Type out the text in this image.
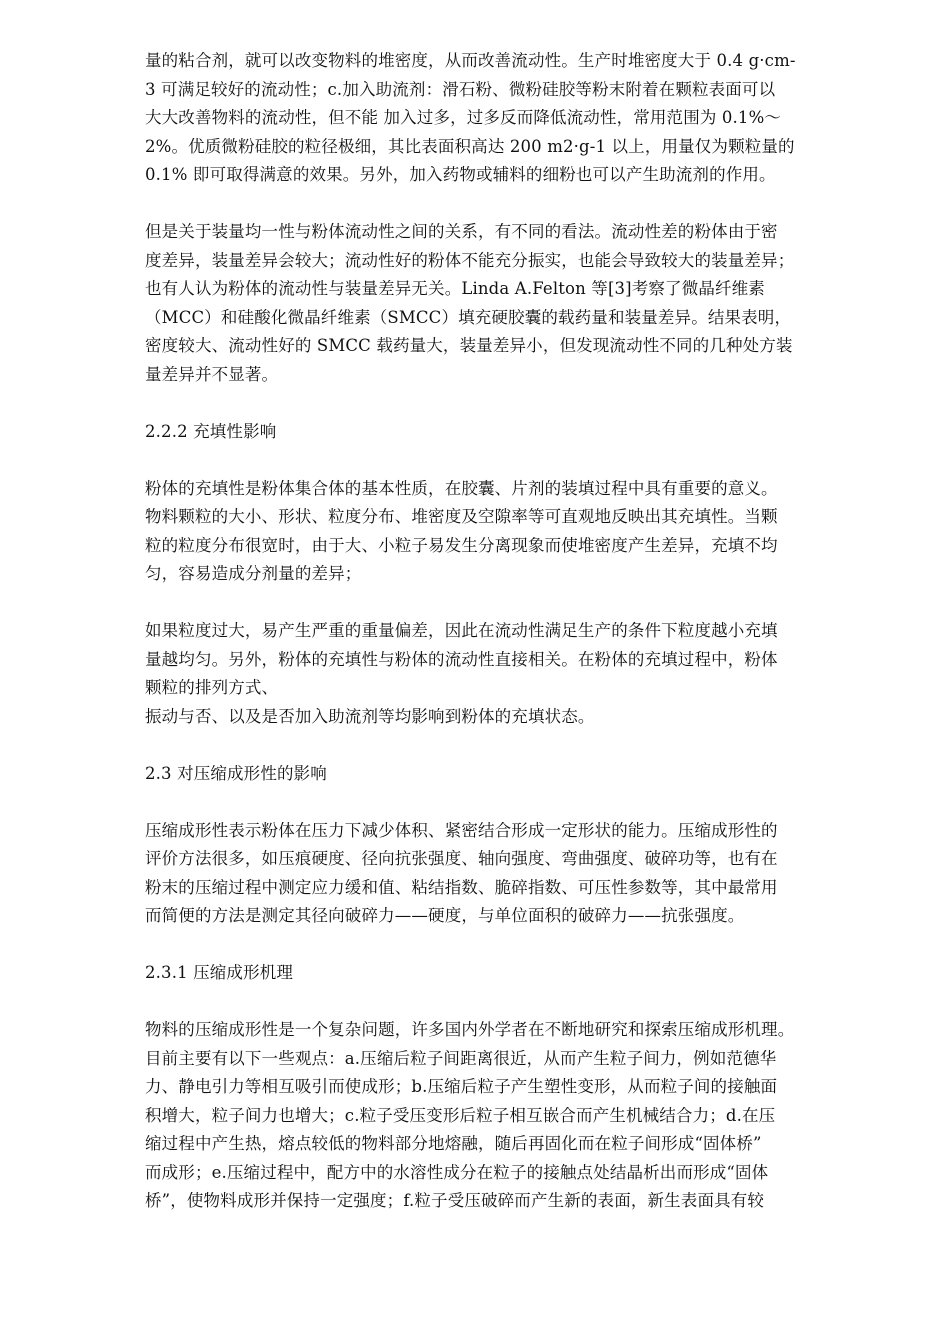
量的粘合剂，就可以改变物料的堆密度，从而改善流动性。生产时堆密度大于 0.4 g·cm-
3 可满足较好的流动性；c.加入助流剂：滑石粉、微粉硅胶等粉末附着在颗粒表面可以
大大改善物料的流动性，但不能 加入过多，过多反而降低流动性，常用范围为 0.1%～
2%。优质微粉硅胶的粒径极细，其比表面积高达 200 m2·g-1 以上，用量仅为颗粒量的
0.1% 即可取得满意的效果。另外，加入药物或辅料的细粉也可以产生助流剂的作用。

但是关于装量均一性与粉体流动性之间的关系，有不同的看法。流动性差的粉体由于密
度差异，装量差异会较大；流动性好的粉体不能充分振实，也能会导致较大的装量差异；
也有人认为粉体的流动性与装量差异无关。Linda A.Felton 等[3]考察了微晶纤维素
（MCC）和硅酸化微晶纤维素（SMCC）填充硬胶囊的载药量和装量差异。结果表明，
密度较大、流动性好的 SMCC 载药量大，装量差异小，但发现流动性不同的几种处方装
量差异并不显著。

2.2.2 充填性影响

粉体的充填性是粉体集合体的基本性质，在胶囊、片剂的装填过程中具有重要的意义。
物料颗粒的大小、形状、粒度分布、堆密度及空隙率等可直观地反映出其充填性。当颗
粒的粒度分布很宽时，由于大、小粒子易发生分离现象而使堆密度产生差异，充填不均
匀，容易造成分剂量的差异；

如果粒度过大，易产生严重的重量偏差，因此在流动性满足生产的条件下粒度越小充填
量越均匀。另外，粉体的充填性与粉体的流动性直接相关。在粉体的充填过程中，粉体
颗粒的排列方式、
振动与否、以及是否加入助流剂等均影响到粉体的充填状态。

2.3 对压缩成形性的影响

压缩成形性表示粉体在压力下减少体积、紧密结合形成一定形状的能力。压缩成形性的
评价方法很多，如压痕硬度、径向抗张强度、轴向强度、弯曲强度、破碎功等，也有在
粉末的压缩过程中测定应力缓和值、粘结指数、脆碎指数、可压性参数等，其中最常用
而简便的方法是测定其径向破碎力——硬度，与单位面积的破碎力——抗张强度。

2.3.1 压缩成形机理

物料的压缩成形性是一个复杂问题，许多国内外学者在不断地研究和探索压缩成形机理。
目前主要有以下一些观点：a.压缩后粒子间距离很近，从而产生粒子间力，例如范德华
力、静电引力等相互吸引而使成形；b.压缩后粒子产生塑性变形，从而粒子间的接触面
积增大，粒子间力也增大；c.粒子受压变形后粒子相互嵌合而产生机械结合力；d.在压
缩过程中产生热，熔点较低的物料部分地熔融，随后再固化而在粒子间形成“固体桥”
而成形；e.压缩过程中，配方中的水溶性成分在粒子的接触点处结晶析出而形成“固体
桥”，使物料成形并保持一定强度；f.粒子受压破碎而产生新的表面，新生表面具有较
